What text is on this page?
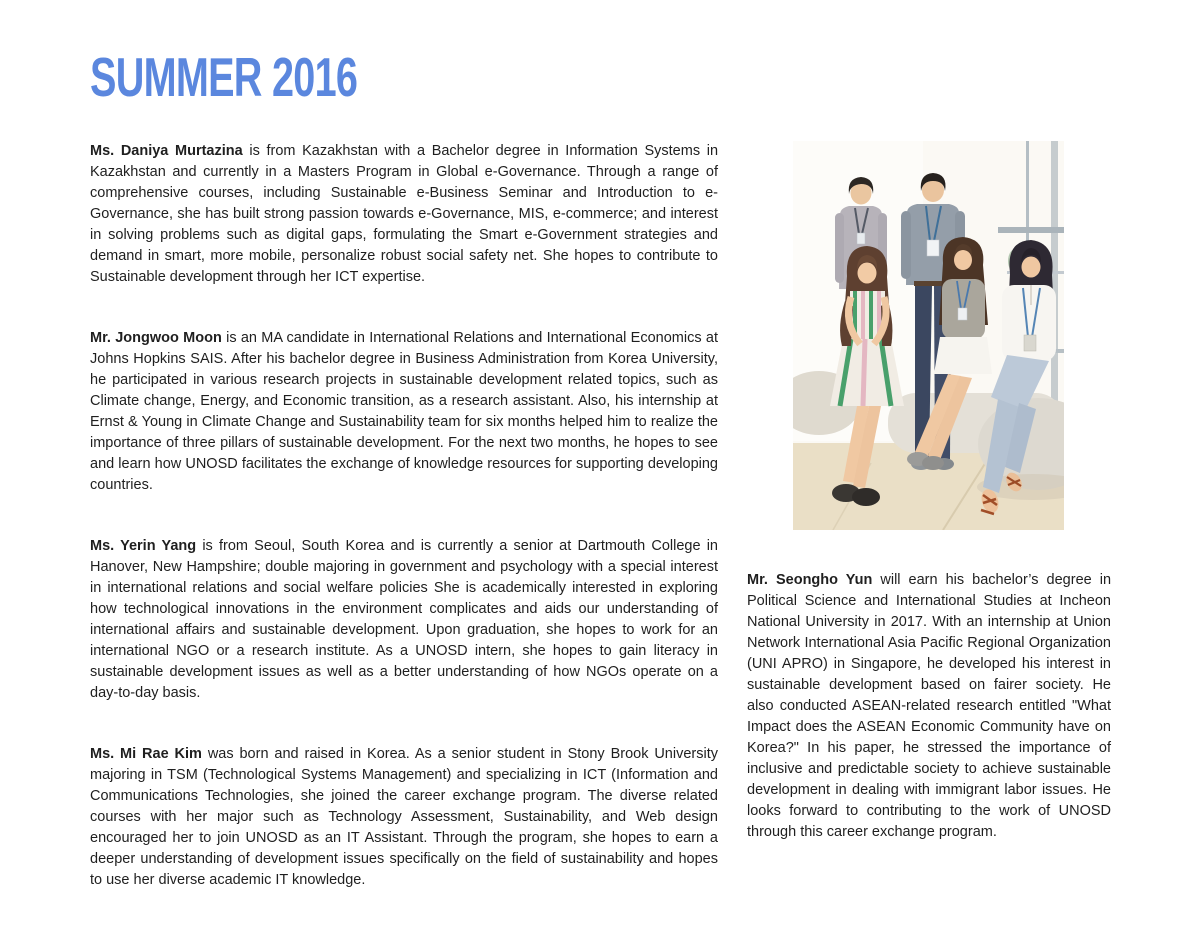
SUMMER 2016

Ms. Daniya Murtazina is from Kazakhstan with a Bachelor degree in Information Systems in Kazakhstan and currently in a Masters Program in Global e-Governance. Through a range of comprehensive courses, including Sustainable e-Business Seminar and Introduction to e-Governance, she has built strong passion towards e-Governance, MIS, e-commerce; and interest in solving problems such as digital gaps, formulating the Smart e-Government strategies and demand in smart, more mobile, personalize robust social safety net. She hopes to contribute to Sustainable development through her ICT expertise.

Mr. Jongwoo Moon is an MA candidate in International Relations and International Economics at Johns Hopkins SAIS. After his bachelor degree in Business Administration from Korea University, he participated in various research projects in sustainable development related topics, such as Climate change, Energy, and Economic transition, as a research assistant. Also, his internship at Ernst & Young in Climate Change and Sustainability team for six months helped him to realize the importance of three pillars of sustainable development. For the next two months, he hopes to see and learn how UNOSD facilitates the exchange of knowledge resources for supporting developing countries.

Ms. Yerin Yang is from Seoul, South Korea and is currently a senior at Dartmouth College in Hanover, New Hampshire; double majoring in government and psychology with a special interest in international relations and social welfare policies She is academically interested in exploring how technological innovations in the environment complicates and aids our understanding of international affairs and sustainable development. Upon graduation, she hopes to work for an international NGO or a research institute. As a UNOSD intern, she hopes to gain literacy in sustainable development issues as well as a better understanding of how NGOs operate on a day-to-day basis.

Ms. Mi Rae Kim was born and raised in Korea. As a senior student in Stony Brook University majoring in TSM (Technological Systems Management) and specializing in ICT (Information and Communications Technologies, she joined the career exchange program. The diverse related courses with her major such as Technology Assessment, Sustainability, and Web design encouraged her to join UNOSD as an IT Assistant. Through the program, she hopes to earn a deeper understanding of development issues specifically on the field of sustainability and hopes to use her diverse academic IT knowledge.

Mr. Seongho Yun will earn his bachelor’s degree in Political Science and International Studies at Incheon National University in 2017. With an internship at Union Network International Asia Pacific Regional Organization (UNI APRO) in Singapore, he developed his interest in sustainable development based on fairer society. He also conducted ASEAN-related research entitled "What Impact does the ASEAN Economic Community have on Korea?" In his paper, he stressed the importance of inclusive and predictable society to achieve sustainable development in dealing with immigrant labor issues. He looks forward to contributing to the work of UNOSD through this career exchange program.
